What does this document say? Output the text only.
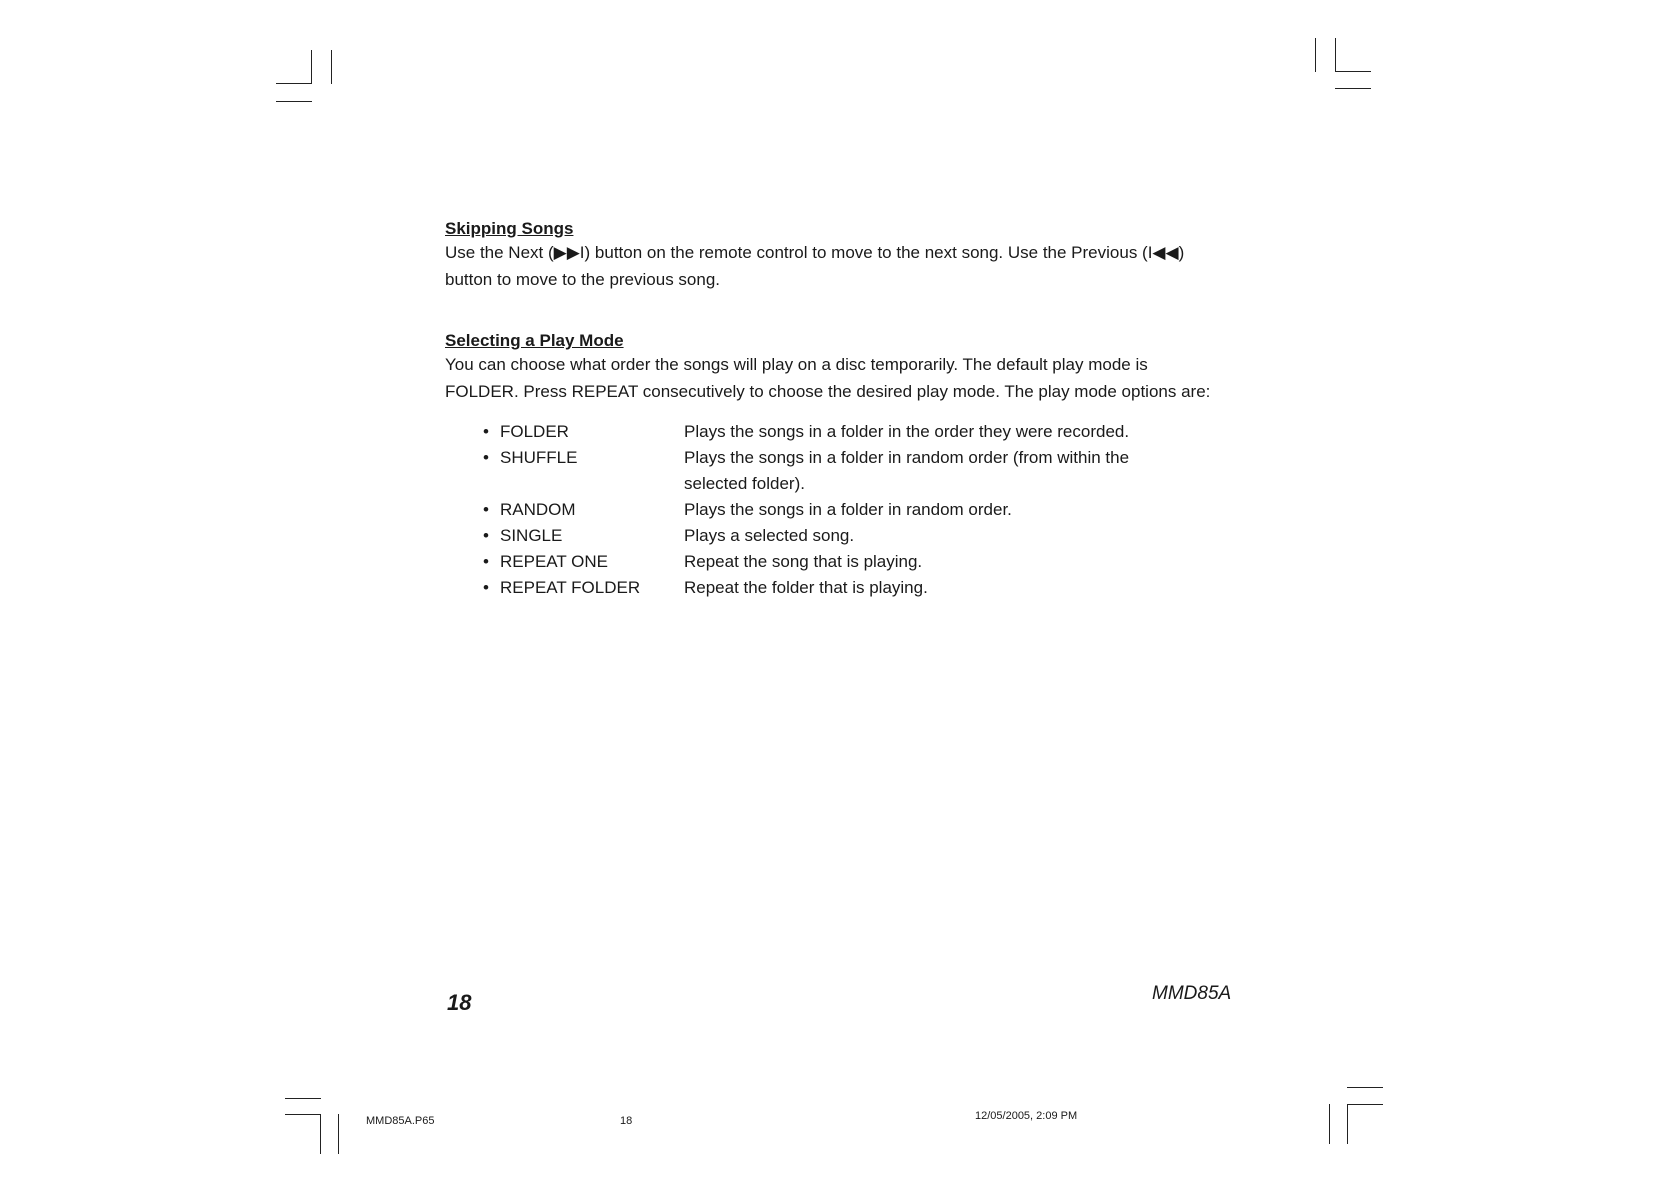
Skipping Songs

Use the Next (▶▶I) button on the remote control to move to the next song. Use the Previous (I◀◀) button to move to the previous song.

Selecting a Play Mode

You can choose what order the songs will play on a disc temporarily. The default play mode is FOLDER. Press REPEAT consecutively to choose the desired play mode. The play mode options are:

• FOLDER	Plays the songs in a folder in the order they were recorded.
• SHUFFLE	Plays the songs in a folder in random order (from within the selected folder).
• RANDOM	Plays the songs in a folder in random order.
• SINGLE	Plays a selected song.
• REPEAT ONE	Repeat the song that is playing.
• REPEAT FOLDER	Repeat the folder that is playing.
18	MMD85A
MMD85A.P65	18	12/05/2005, 2:09 PM
